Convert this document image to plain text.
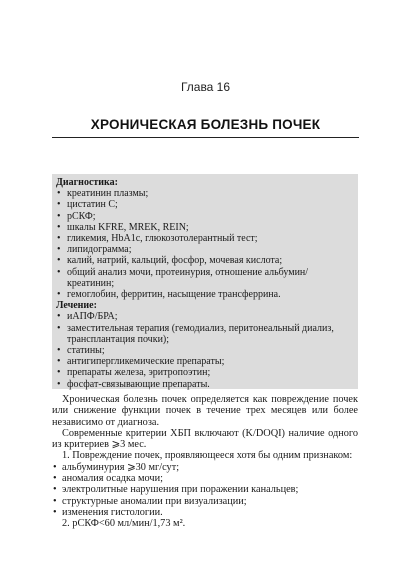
Глава 16
ХРОНИЧЕСКАЯ БОЛЕЗНЬ ПОЧЕК
Диагностика:
• креатинин плазмы;
• цистатин С;
• рСКФ;
• шкалы KFRE, MREK, REIN;
• гликемия, HbA1c, глюкозотолерантный тест;
• липидограмма;
• калий, натрий, кальций, фосфор, мочевая кислота;
• общий анализ мочи, протеинурия, отношение альбумин/креатинин;
• гемоглобин, ферритин, насыщение трансферрина.
Лечение:
• иАПФ/БРА;
• заместительная терапия (гемодиализ, перитонеальный диализ, трансплантация почки);
• статины;
• антигипергликемические препараты;
• препараты железа, эритропоэтин;
• фосфат-связывающие препараты.

Хроническая болезнь почек определяется как повреждение почек или снижение функции почек в течение трех месяцев или более независимо от диагноза.

Современные критерии ХБП включают (K/DOQI) наличие одного из критериев ⩾3 мес.

1. Повреждение почек, проявляющееся хотя бы одним признаком:

• альбуминурия ⩾30 мг/сут;
• аномалия осадка мочи;
• электролитные нарушения при поражении канальцев;
• структурные аномалии при визуализации;
• изменения гистологии.

2. рСКФ<60 мл/мин/1,73 м².
